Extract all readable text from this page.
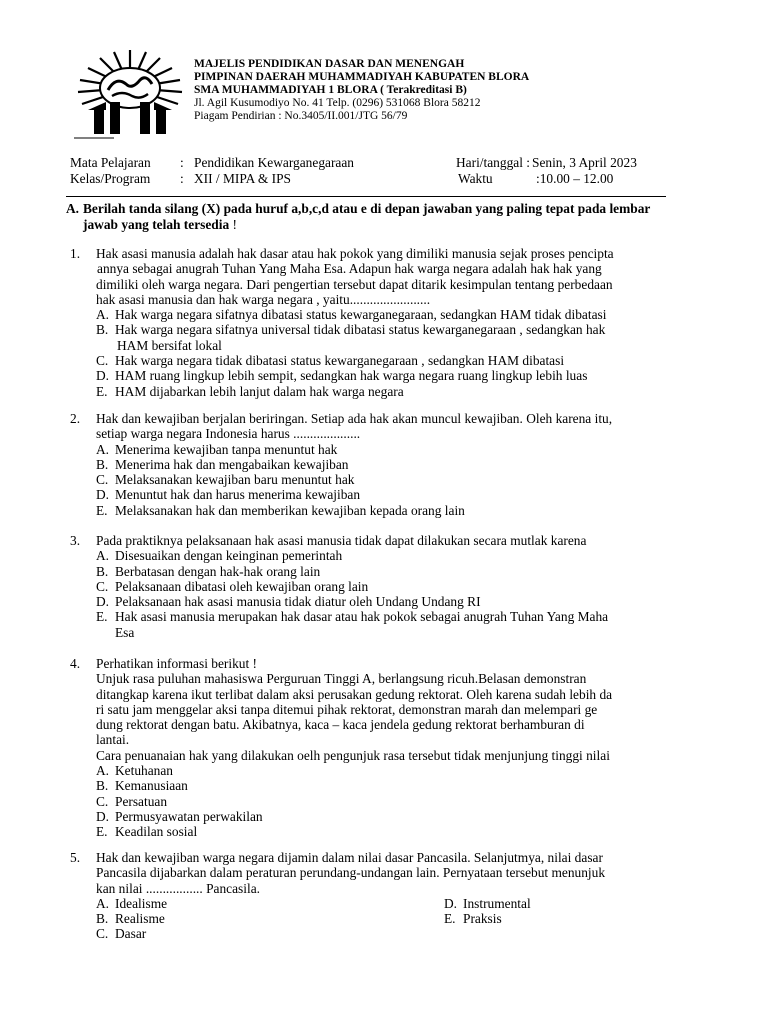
MAJELIS PENDIDIKAN DASAR DAN MENENGAH
PIMPINAN DAERAH MUHAMMADIYAH KABUPATEN BLORA
SMA MUHAMMADIYAH 1 BLORA ( Terakreditasi B)
Jl. Agil Kusumodiyo No. 41 Telp. (0296) 531068 Blora 58212
Piagam Pendirian : No.3405/II.001/JTG 56/79
Mata Pelajaran : Pendidikan Kewarganegaraan	Hari/tanggal : Senin, 3 April 2023
Kelas/Program : XII / MIPA & IPS	Waktu	:10.00 – 12.00
A. Berilah tanda silang (X) pada huruf a,b,c,d atau e di depan jawaban yang paling tepat pada lembar jawab yang telah tersedia !
1. Hak asasi manusia adalah hak dasar atau hak pokok yang dimiliki manusia sejak proses pencipta

annya sebagai anugrah Tuhan Yang Maha Esa. Adapun hak warga negara adalah hak hak yang

dimiliki oleh warga negara. Dari pengertian tersebut dapat ditarik kesimpulan tentang perbedaan

hak asasi manusia dan hak warga negara , yaitu........................

A. Hak warga negara sifatnya dibatasi status kewarganegaraan, sedangkan HAM tidak dibatasi
B. Hak warga negara sifatnya universal tidak dibatasi status kewarganegaraan , sedangkan hak
HAM bersifat lokal
C. Hak warga negara tidak dibatasi status kewarganegaraan , sedangkan HAM dibatasi
D. HAM ruang lingkup lebih sempit, sedangkan hak warga negara ruang lingkup lebih luas
E. HAM dijabarkan lebih lanjut dalam hak warga negara
2. Hak dan kewajiban berjalan beriringan. Setiap ada hak akan muncul kewajiban. Oleh karena itu,

setiap warga negara Indonesia harus ....................

A. Menerima kewajiban tanpa menuntut hak
B. Menerima hak dan mengabaikan kewajiban
C. Melaksanakan kewajiban baru menuntut hak
D. Menuntut hak dan harus menerima kewajiban
E. Melaksanakan hak dan memberikan kewajiban kepada orang lain
3. Pada praktiknya pelaksanaan hak asasi manusia tidak dapat dilakukan secara mutlak karena

A. Disesuaikan dengan keinginan pemerintah
B. Berbatasan dengan hak-hak orang lain
C. Pelaksanaan dibatasi oleh kewajiban orang lain
D. Pelaksanaan hak asasi manusia tidak diatur oleh Undang Undang RI
E. Hak asasi manusia merupakan hak dasar atau hak pokok sebagai anugrah Tuhan Yang Maha
Esa
4. Perhatikan informasi berikut !

Unjuk rasa puluhan mahasiswa Perguruan Tinggi A, berlangsung ricuh.Belasan demonstran

ditangkap karena ikut terlibat dalam aksi perusakan gedung rektorat. Oleh karena sudah lebih da

ri satu jam menggelar aksi tanpa ditemui pihak rektorat, demonstran marah dan melempari ge

dung rektorat dengan batu. Akibatnya, kaca – kaca jendela gedung rektorat berhamburan di

lantai.

Cara penuanaian hak yang dilakukan oelh pengunjuk rasa tersebut tidak menjunjung tinggi nilai

A. Ketuhanan
B. Kemanusiaan
C. Persatuan
D. Permusyawatan perwakilan
E. Keadilan sosial
5. Hak dan kewajiban warga negara dijamin dalam nilai dasar Pancasila. Selanjutmya, nilai dasar

Pancasila dijabarkan dalam peraturan perundang-undangan lain. Pernyataan tersebut menunjuk

kan nilai ................. Pancasila.

A. Idealisme
B. Realisme
C. Dasar
D. Instrumental
E. Praksis
